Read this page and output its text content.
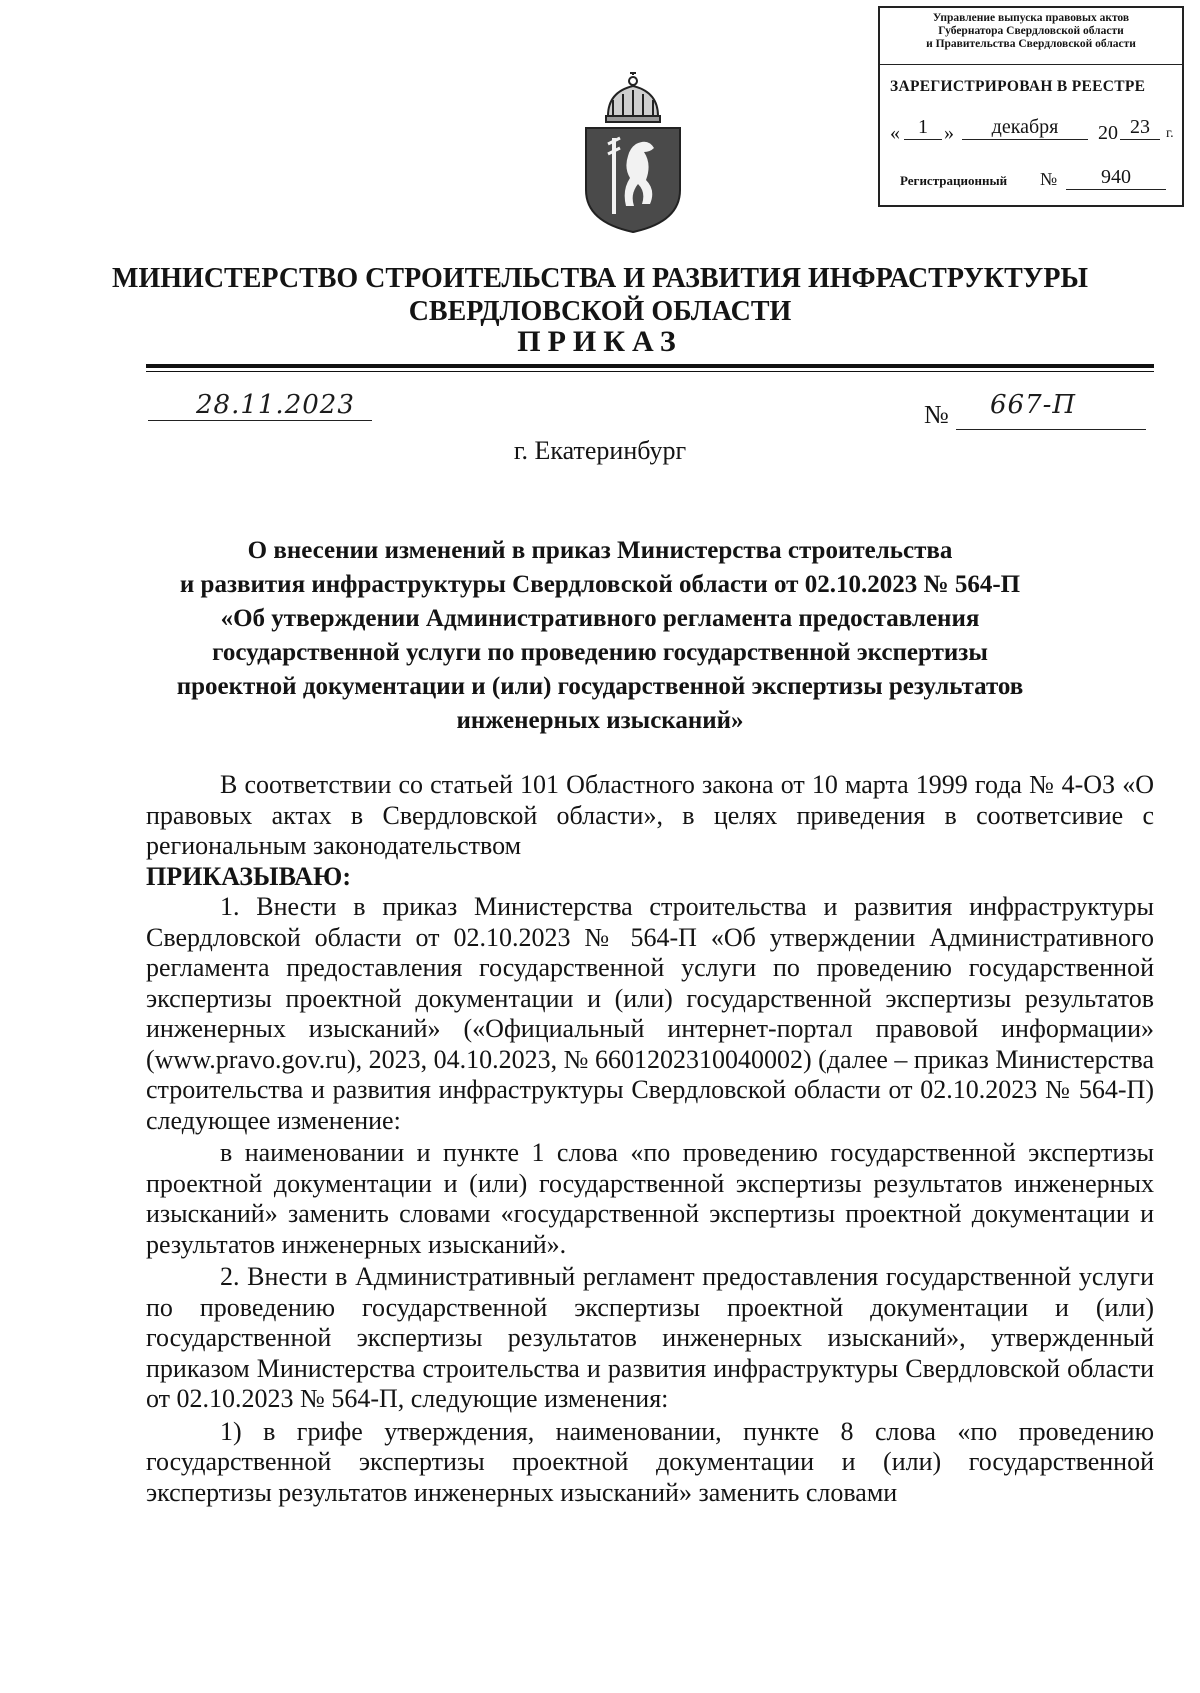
Управление выпуска правовых актов
Губернатора Свердловской области
и Правительства Свердловской области
ЗАРЕГИСТРИРОВАН В РЕЕСТРЕ
« 1 »	декабря	20 23	г.
Регистрационный №	940
МИНИСТЕРСТВО СТРОИТЕЛЬСТВА И РАЗВИТИЯ ИНФРАСТРУКТУРЫ
СВЕРДЛОВСКОЙ ОБЛАСТИ
ПРИКАЗ
28.11.2023	№ 667-П
г. Екатеринбург
О внесении изменений в приказ Министерства строительства
и развития инфраструктуры Свердловской области от 02.10.2023 № 564-П
«Об утверждении Административного регламента предоставления
государственной услуги по проведению государственной экспертизы
проектной документации и (или) государственной экспертизы результатов
инженерных изысканий»

В соответствии со статьей 101 Областного закона от 10 марта 1999 года № 4-ОЗ «О правовых актах в Свердловской области», в целях приведения в соответсивие с региональным законодательством

ПРИКАЗЫВАЮ:

1. Внести в приказ Министерства строительства и развития инфраструктуры Свердловской области от 02.10.2023 № 564-П «Об утверждении Административного регламента предоставления государственной услуги по проведению государственной экспертизы проектной документации и (или) государственной экспертизы результатов инженерных изысканий» («Официальный интернет-портал правовой информации» (www.pravo.gov.ru), 2023, 04.10.2023, № 6601202310040002) (далее – приказ Министерства строительства и развития инфраструктуры Свердловской области от 02.10.2023 № 564-П) следующее изменение:

в наименовании и пункте 1 слова «по проведению государственной экспертизы проектной документации и (или) государственной экспертизы результатов инженерных изысканий» заменить словами «государственной экспертизы проектной документации и результатов инженерных изысканий».

2. Внести в Административный регламент предоставления государственной услуги по проведению государственной экспертизы проектной документации и (или) государственной экспертизы результатов инженерных изысканий», утвержденный приказом Министерства строительства и развития инфраструктуры Свердловской области от 02.10.2023 № 564-П, следующие изменения:

1) в грифе утверждения, наименовании, пункте 8 слова «по проведению государственной экспертизы проектной документации и (или) государственной экспертизы результатов инженерных изысканий» заменить словами
